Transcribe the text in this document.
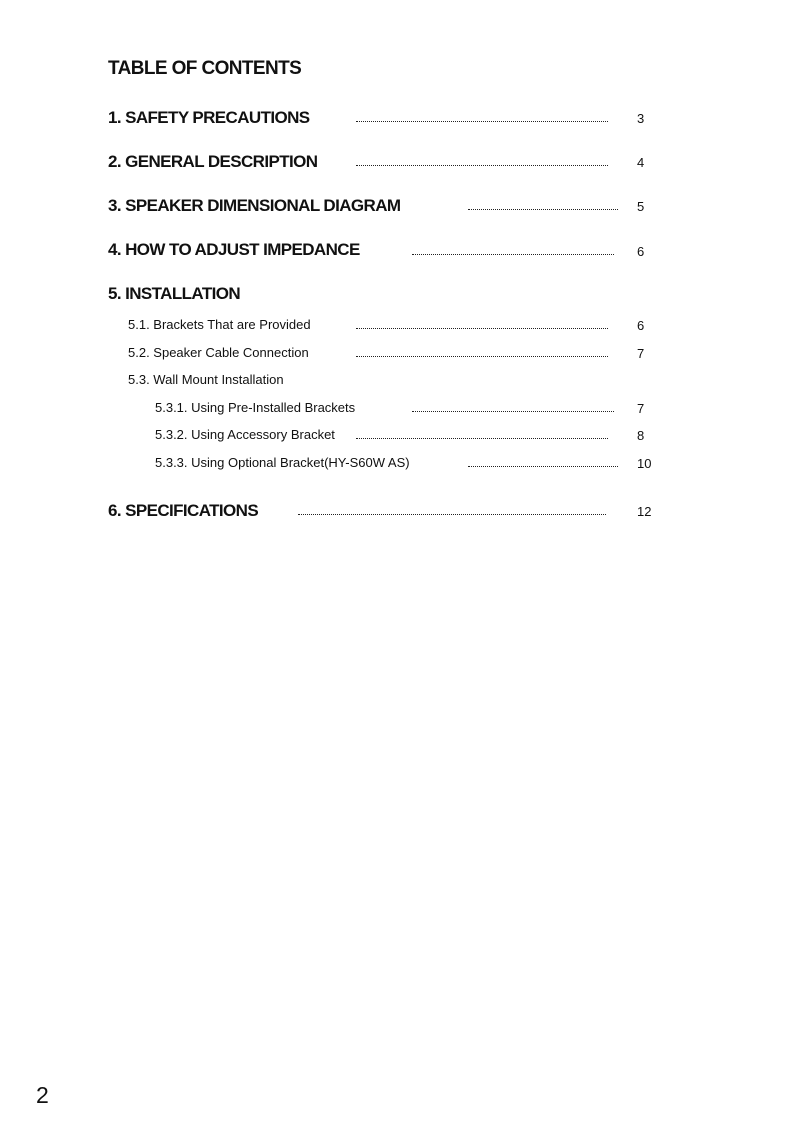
TABLE OF CONTENTS
1. SAFETY PRECAUTIONS	3
2. GENERAL DESCRIPTION	4
3. SPEAKER DIMENSIONAL DIAGRAM	5
4. HOW TO ADJUST IMPEDANCE	6
5. INSTALLATION
5.1. Brackets That are Provided	6
5.2. Speaker Cable Connection	7
5.3. Wall Mount Installation
5.3.1. Using Pre-Installed Brackets	7
5.3.2. Using Accessory Bracket	8
5.3.3. Using Optional Bracket(HY-S60W AS)	10
6. SPECIFICATIONS	12
2
